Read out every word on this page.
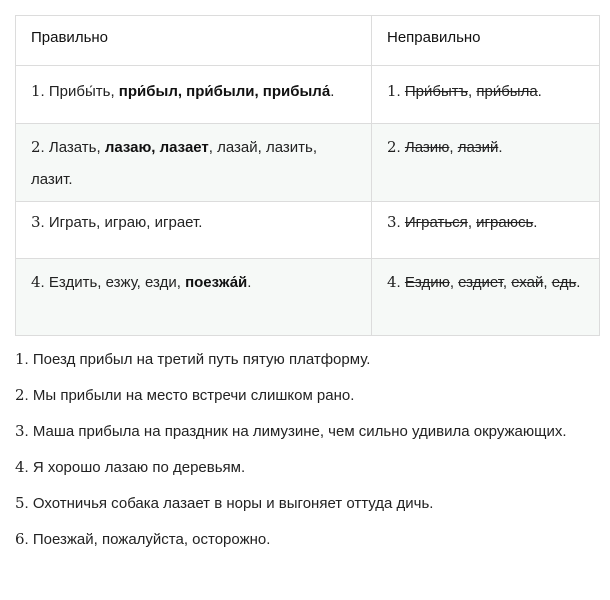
Правильно	Неправильно
1. Прибы́ть, при́был, при́были, прибыла́.	1. При́бытъ, при́была.
2. Лазать, лазаю, лазает, лазай, лазить, лазит.	2. Лазию, лазий.
3. Играть, играю, играет.	3. Играться, играюсь.
4. Ездить, езжу, езди, поезжа́й.	4. Ездию, ездиет, ехай, едь.
1. Поезд прибыл на третий путь пятую платформу.
2. Мы прибыли на место встречи слишком рано.
3. Маша прибыла на праздник на лимузине, чем сильно удивила окружающих.
4. Я хорошо лазаю по деревьям.
5. Охотничья собака лазает в норы и выгоняет оттуда дичь.
6. Поезжай, пожалуйста, осторожно.
